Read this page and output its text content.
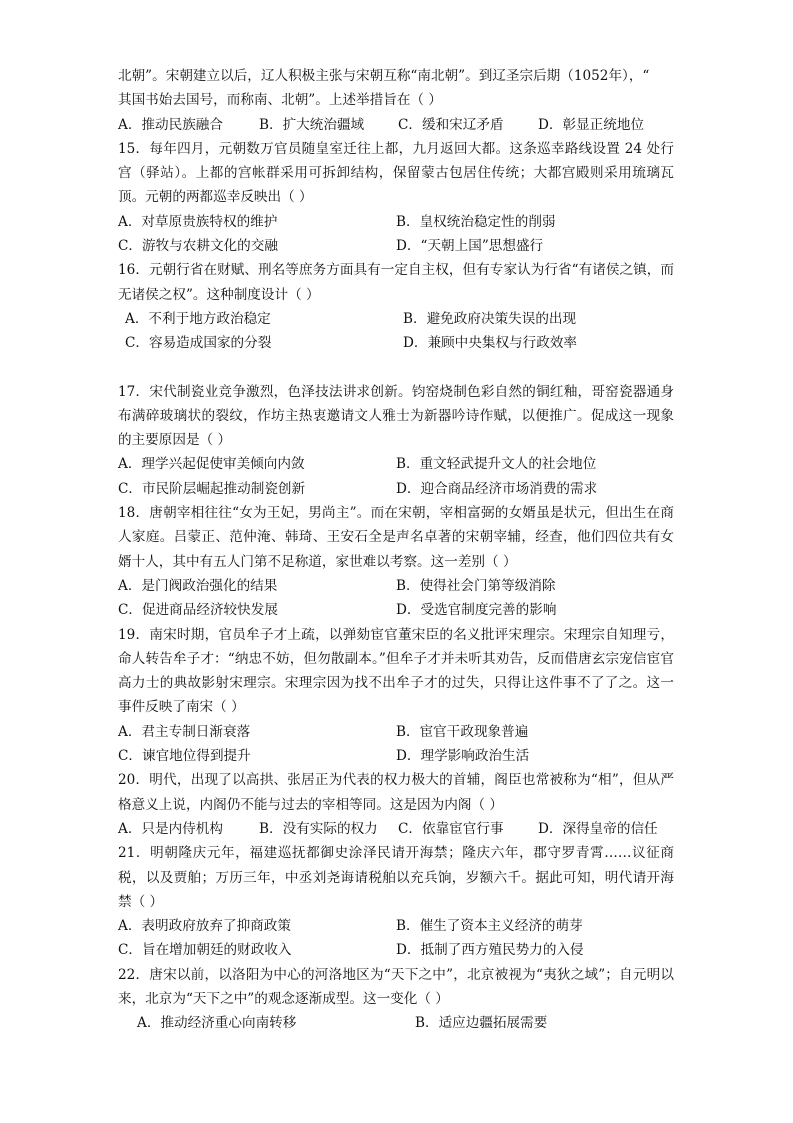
北朝”。宋朝建立以后，辽人积极主张与宋朝互称“南北朝”。到辽圣宗后期（1052年），“

其国书始去国号，而称南、北朝”。上述举措旨在（ ）

A．推动民族融合	B．扩大统治疆域	C．缓和宋辽矛盾	D．彰显正统地位

15．每年四月，元朝数万官员随皇室迁往上都，九月返回大都。这条巡幸路线设置 24 处行宫（驿站）。上都的宫帐群采用可拆卸结构，保留蒙古包居住传统；大都宫殿则采用琉璃瓦顶。元朝的两都巡幸反映出（ ）

A．对草原贵族特权的维护	B．皇权统治稳定性的削弱
C．游牧与农耕文化的交融	D．“天朝上国”思想盛行

16．元朝行省在财赋、刑名等庶务方面具有一定自主权，但有专家认为行省“有诸侯之镇，而无诸侯之权”。这种制度设计（ ）

A．不利于地方政治稳定	B．避免政府决策失误的出现
C．容易造成国家的分裂	D．兼顾中央集权与行政效率

17．宋代制瓷业竞争激烈，色泽技法讲求创新。钧窑烧制色彩自然的铜红釉，哥窑瓷器通身布满碎玻璃状的裂纹，作坊主热衷邀请文人雅士为新器吟诗作赋，以便推广。促成这一现象的主要原因是（ ）

A．理学兴起促使审美倾向内敛	B．重文轻武提升文人的社会地位
C．市民阶层崛起推动制瓷创新	D．迎合商品经济市场消费的需求

18．唐朝宰相往往“女为王妃，男尚主”。而在宋朝，宰相富弼的女婿虽是状元，但出生在商人家庭。吕蒙正、范仲淹、韩琦、王安石全是声名卓著的宋朝宰辅，经查，他们四位共有女婿十人，其中有五人门第不足称道，家世难以考察。这一差别（ ）

A．是门阀政治强化的结果	B．使得社会门第等级消除
C．促进商品经济较快发展	D．受选官制度完善的影响

19．南宋时期，官员牟子才上疏，以弹劾宦官董宋臣的名义批评宋理宗。宋理宗自知理亏，命人转告牟子才：“纳忠不妨，但勿散副本。”但牟子才并未听其劝告，反而借唐玄宗宠信宦官高力士的典故影射宋理宗。宋理宗因为找不出牟子才的过失，只得让这件事不了了之。这一事件反映了南宋（ ）

A．君主专制日渐衰落	B．宦官干政现象普遍
C．谏官地位得到提升	D．理学影响政治生活

20．明代，出现了以高拱、张居正为代表的权力极大的首辅，阁臣也常被称为“相”，但从严格意义上说，内阁仍不能与过去的宰相等同。这是因为内阁（ ）

A．只是内侍机构	B．没有实际的权力	C．依靠宦官行事	D．深得皇帝的信任

21．明朝隆庆元年，福建巡抚都御史涂泽民请开海禁；隆庆六年，郡守罗青霄……议征商税，以及贾舶；万历三年，中丞刘尧诲请税舶以充兵饷，岁额六千。据此可知，明代请开海禁（ ）

A．表明政府放弃了抑商政策	B．催生了资本主义经济的萌芽
C．旨在增加朝廷的财政收入	D．抵制了西方殖民势力的入侵

22．唐宋以前，以洛阳为中心的河洛地区为“天下之中”，北京被视为“夷狄之域”；自元明以来，北京为“天下之中”的观念逐渐成型。这一变化（ ）

A．推动经济重心向南转移	B．适应边疆拓展需要
